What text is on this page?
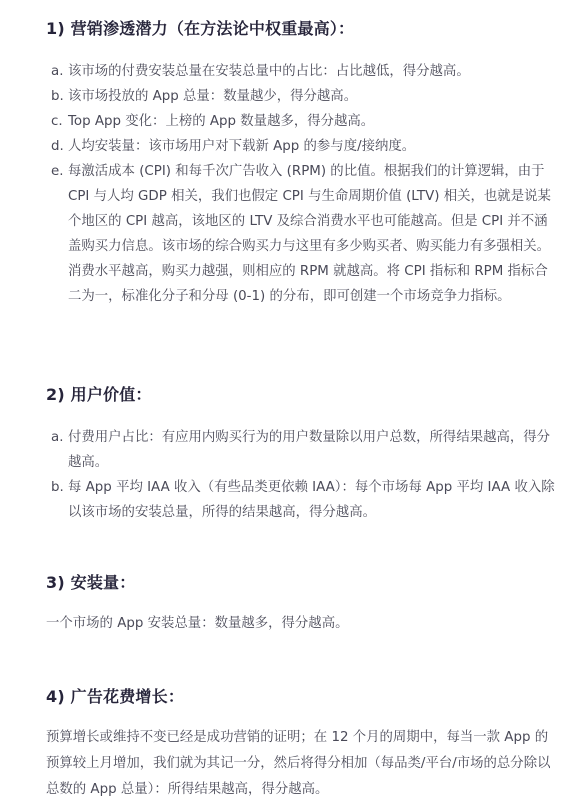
1) 营销渗透潜力（在方法论中权重最高）：
a. 该市场的付费安装总量在安装总量中的占比：占比越低，得分越高。
b. 该市场投放的 App 总量：数量越少，得分越高。
c. Top App 变化：上榜的 App 数量越多，得分越高。
d. 人均安装量：该市场用户对下载新 App 的参与度/接纳度。
e. 每激活成本 (CPI) 和每千次广告收入 (RPM) 的比值。根据我们的计算逻辑，由于 CPI 与人均 GDP 相关，我们也假定 CPI 与生命周期价值 (LTV) 相关，也就是说某个地区的 CPI 越高，该地区的 LTV 及综合消费水平也可能越高。但是 CPI 并不涵盖购买力信息。该市场的综合购买力与这里有多少购买者、购买能力有多强相关。消费水平越高，购买力越强，则相应的 RPM 就越高。将 CPI 指标和 RPM 指标合二为一，标准化分子和分母 (0-1) 的分布，即可创建一个市场竞争力指标。
2) 用户价值：
a. 付费用户占比：有应用内购买行为的用户数量除以用户总数，所得结果越高，得分越高。
b. 每 App 平均 IAA 收入（有些品类更依赖 IAA）：每个市场每 App 平均 IAA 收入除以该市场的安装总量，所得的结果越高，得分越高。
3) 安装量：

一个市场的 App 安装总量：数量越多，得分越高。

4) 广告花费增长：

预算增长或维持不变已经是成功营销的证明；在 12 个月的周期中，每当一款 App 的预算较上月增加，我们就为其记一分，然后将得分相加（每品类/平台/市场的总分除以总数的 App 总量）：所得结果越高，得分越高。
